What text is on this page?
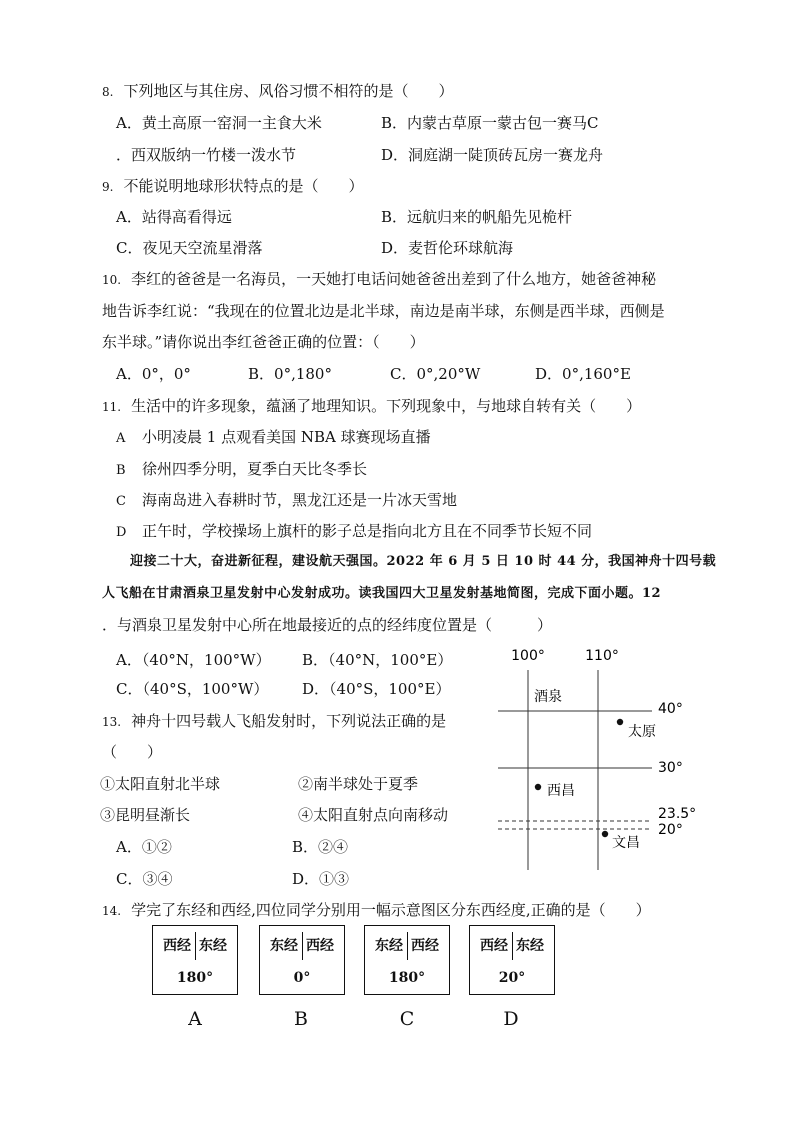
8. 下列地区与其住房、风俗习惯不相符的是（　　）
A．黄土高原一窑洞一主食大米	B．内蒙古草原一蒙古包一赛马C
．西双版纳一竹楼一泼水节	D．洞庭湖一陡顶砖瓦房一赛龙舟
9. 不能说明地球形状特点的是（　　）
A．站得高看得远	B．远航归来的帆船先见桅杆
C．夜见天空流星滑落	D．麦哲伦环球航海
10. 李红的爸爸是一名海员，一天她打电话问她爸爸出差到了什么地方，她爸爸神秘
地告诉李红说：“我现在的位置北边是北半球，南边是南半球，东侧是西半球，西侧是
东半球。”请你说出李红爸爸正确的位置：（　　）
A．0°，0°	B．0°,180°	C．0°,20°W	D．0°,160°E
11. 生活中的许多现象，蕴涵了地理知识。下列现象中，与地球自转有关（　　）
A 小明凌晨 1 点观看美国 NBA 球赛现场直播
B 徐州四季分明，夏季白天比冬季长
C 海南岛进入春耕时节，黑龙江还是一片冰天雪地
D 正午时，学校操场上旗杆的影子总是指向北方且在不同季节长短不同
迎接二十大，奋进新征程，建设航天强国。2022 年 6 月 5 日 10 时 44 分，我国神舟十四号载
人飞船在甘肃酒泉卫星发射中心发射成功。读我国四大卫星发射基地简图，完成下面小题。12
．与酒泉卫星发射中心所在地最接近的点的经纬度位置是（　　　）
A．（40°N，100°W） B．（40°N，100°E）
C．（40°S，100°W） D．（40°S，100°E）
13. 神舟十四号载人飞船发射时，下列说法正确的是
（　　）
①太阳直射北半球	②南半球处于夏季
③昆明昼渐长	④太阳直射点向南移动
A．①②	B．②④
C．③④	D．①③
100°	110°
40°
30°
23.5°
20°
酒泉
太原
西昌
文昌
14. 学完了东经和西经,四位同学分别用一幅示意图区分东西经度,正确的是（　　）
西经 东经
180°
东经 西经
0°
东经 西经
180°
西经 东经
20°
A	B	C	D
